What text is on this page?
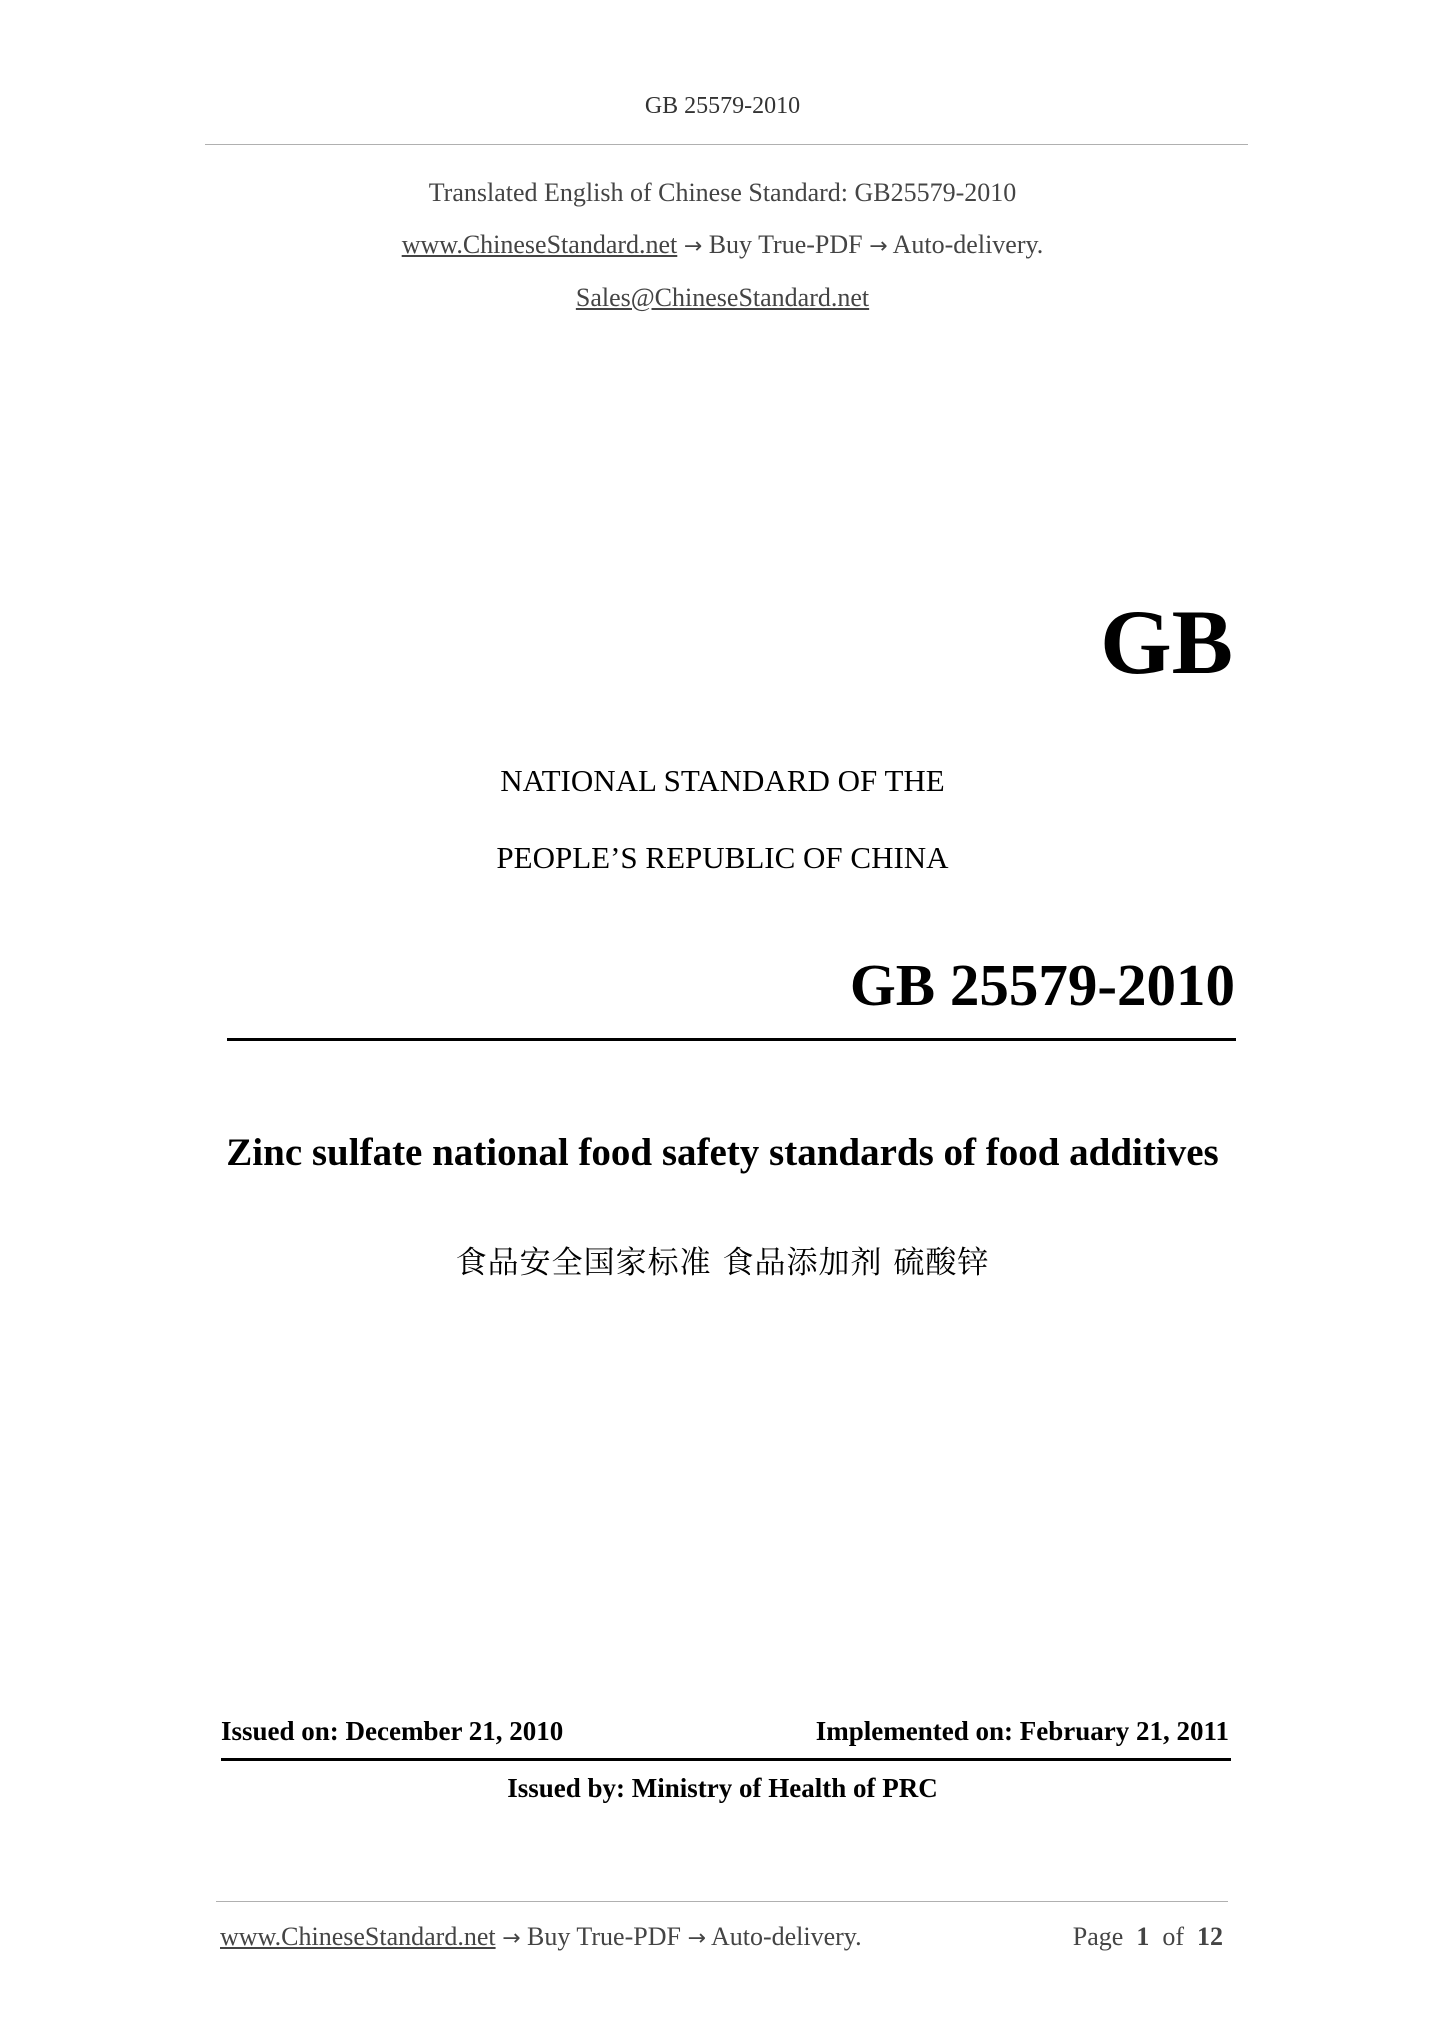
GB 25579-2010
Translated English of Chinese Standard: GB25579-2010
www.ChineseStandard.net → Buy True-PDF → Auto-delivery.
Sales@ChineseStandard.net
GB
NATIONAL STANDARD OF THE
PEOPLE’S REPUBLIC OF CHINA
GB 25579-2010
Zinc sulfate national food safety standards of food additives
食品安全国家标准 食品添加剂 硫酸锌
Issued on: December 21, 2010	Implemented on: February 21, 2011
Issued by: Ministry of Health of PRC
www.ChineseStandard.net → Buy True-PDF → Auto-delivery.	Page 1 of 12
